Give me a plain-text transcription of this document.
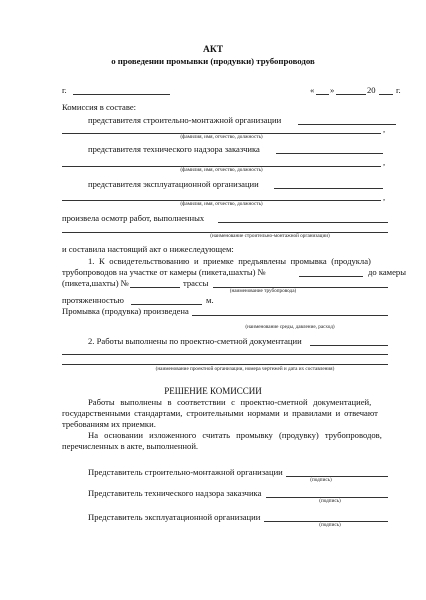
АКТ
о проведении промывки (продувки) трубопроводов
г.	« »	20 г.
Комиссия в составе:
представителя строительно-монтажной организации
,
(фамилия, имя, отчество, должность)
представителя технического надзора заказчика
,
(фамилия, имя, отчество, должность)
представителя эксплуатационной организации
,
(фамилия, имя, отчество, должность)
произвела осмотр работ, выполненных
(наименование строительно-монтажной организации)
и составила настоящий акт о нижеследующем:
1. К освидетельствованию и приемке предъявлены промывка (продукла)
трубопроводов на участке от камеры (пикета,шахты) №	до камеры
(пикета,шахты) №	трассы
(наименование трубопровода)
протяженностью	м.
Промывка (продувка) произведена
(наименование среды, давление, расход)
2. Работы выполнены по проектно-сметной документации
(наименование проектной организации, номера чертежей и дата их составления)
РЕШЕНИЕ КОМИССИИ
Работы выполнены в соответствии с проектно-сметной документацией,
государственными стандартами, строительными нормами и правилами и отвечают
требованиям их приемки.
На основании изложенного считать промывку (продувку) трубопроводов,
перечисленных в акте, выполненной.
Представитель строительно-монтажной организации
(подпись)
Представитель технического надзора заказчика
(подпись)
Представитель эксплуатационной организации
(подпись)
